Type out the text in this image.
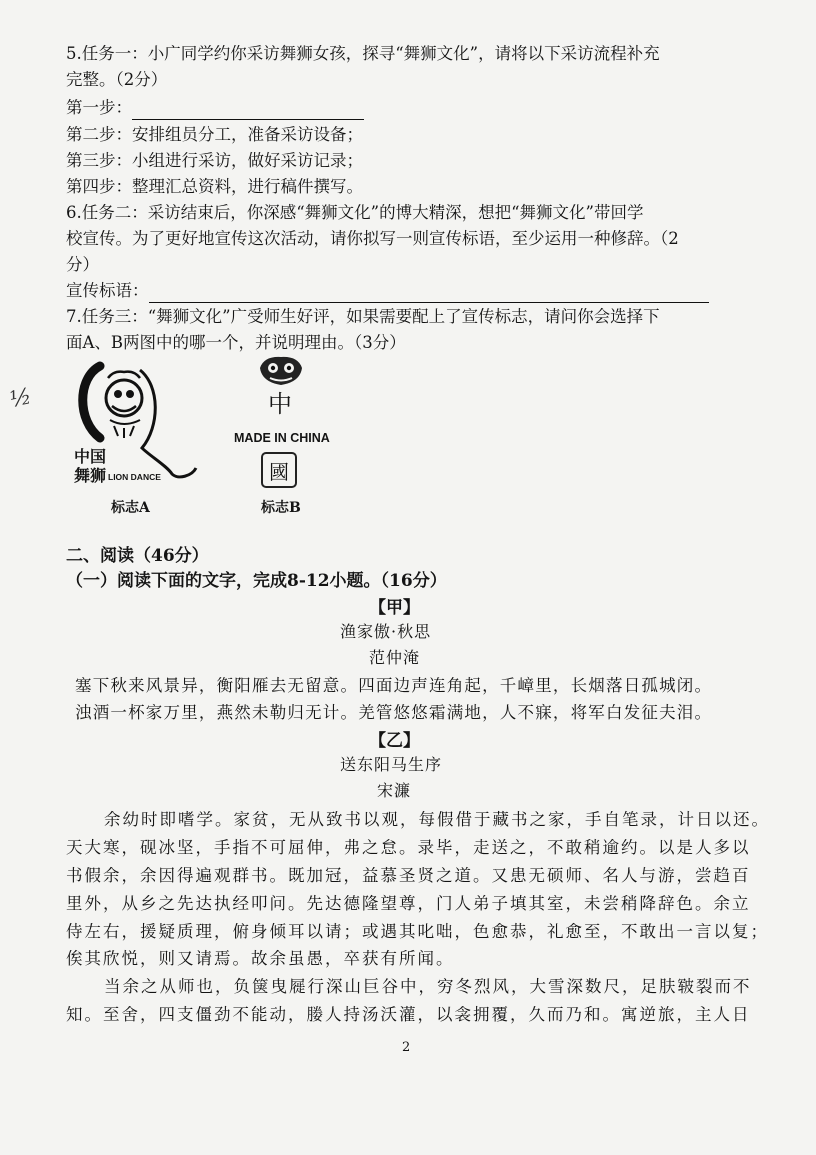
5.任务一：小广同学约你采访舞狮女孩，探寻“舞狮文化”，请将以下采访流程补充
完整。（2分）
第一步：
第二步：安排组员分工，准备采访设备；
第三步：小组进行采访，做好采访记录；
第四步：整理汇总资料，进行稿件撰写。
6.任务二：采访结束后，你深感“舞狮文化”的博大精深，想把“舞狮文化”带回学
校宣传。为了更好地宣传这次活动，请你拟写一则宣传标语，至少运用一种修辞。（2
分）
宣传标语：
7.任务三：“舞狮文化”广受师生好评，如果需要配上了宣传标志，请问你会选择下
面A、B两图中的哪一个，并说明理由。（3分）
½
中国
舞狮 LION DANCE
标志A
中
MADE IN CHINA
國
标志B
二、阅读（46分）
（一）阅读下面的文字，完成8-12小题。（16分）
【甲】
渔家傲·秋思
范仲淹
塞下秋来风景异，衡阳雁去无留意。四面边声连角起，千嶂里，长烟落日孤城闭。
浊酒一杯家万里，燕然未勒归无计。羌管悠悠霜满地，人不寐，将军白发征夫泪。
【乙】
送东阳马生序
宋濂
余幼时即嗜学。家贫，无从致书以观，每假借于藏书之家，手自笔录，计日以还。
天大寒，砚冰坚，手指不可屈伸，弗之怠。录毕，走送之，不敢稍逾约。以是人多以
书假余，余因得遍观群书。既加冠，益慕圣贤之道。又患无硕师、名人与游，尝趋百
里外，从乡之先达执经叩问。先达德隆望尊，门人弟子填其室，未尝稍降辞色。余立
侍左右，援疑质理，俯身倾耳以请；或遇其叱咄，色愈恭，礼愈至，不敢出一言以复；
俟其欣悦，则又请焉。故余虽愚，卒获有所闻。
当余之从师也，负箧曳屣行深山巨谷中，穷冬烈风，大雪深数尺，足肤皲裂而不
知。至舍，四支僵劲不能动，媵人持汤沃灌，以衾拥覆，久而乃和。寓逆旅，主人日
2
